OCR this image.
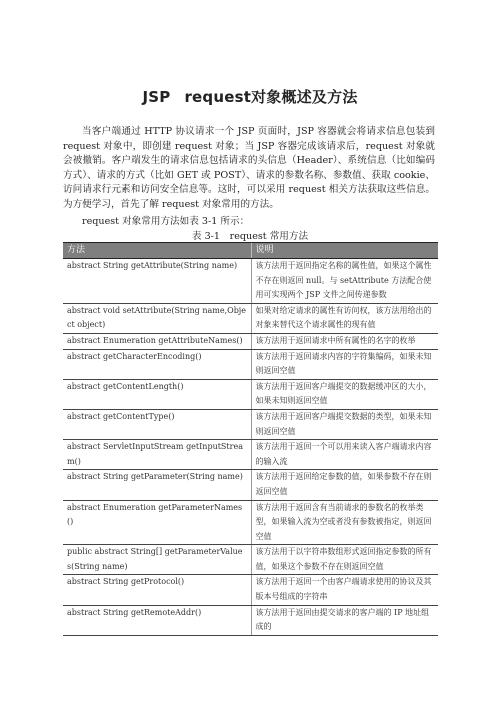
JSP request对象概述及方法

当客户端通过 HTTP 协议请求一个 JSP 页面时，JSP 容器就会将请求信息包装到 request 对象中，即创建 request 对象；当 JSP 容器完成该请求后，request 对象就会被撤销。客户端发生的请求信息包括请求的头信息（Header）、系统信息（比如编码方式）、请求的方式（比如 GET 或 POST）、请求的参数名称、参数值、获取 cookie、访问请求行元素和访问安全信息等。这时，可以采用 request 相关方法获取这些信息。为方便学习，首先了解 request 对象常用的方法。

request 对象常用方法如表 3-1 所示：
表 3-1　request 常用方法
方法	说明
abstract String getAttribute(String name)	该方法用于返回指定名称的属性值，如果这个属性不存在则返回 null。与 setAttribute 方法配合使用可实现两个 JSP 文件之间传递参数
abstract void setAttribute(String name,Object object)	如果对给定请求的属性有访问权，该方法用给出的对象来替代这个请求属性的现有值
abstract Enumeration getAttributeNames()	该方法用于返回请求中所有属性的名字的枚举
abstract getCharacterEncoding()	该方法用于返回请求内容的字符集编码，如果未知则返回空值
abstract getContentLength()	该方法用于返回客户端提交的数据缓冲区的大小，如果未知则返回空值
abstract getContentType()	该方法用于返回客户端提交数据的类型，如果未知则返回空值
abstract ServletInputStream getInputStream()	该方法用于返回一个可以用来读入客户端请求内容的输入流
abstract String getParameter(String name)	该方法用于返回给定参数的值，如果参数不存在则返回空值
abstract Enumeration getParameterNames()	该方法用于返回含有当前请求的参数名的枚举类型，如果输入流为空或者没有参数被指定，则返回空值
public abstract String[] getParameterValues(String name)	该方法用于以字符串数组形式返回指定参数的所有值，如果这个参数不存在则返回空值
abstract String getProtocol()	该方法用于返回一个由客户端请求使用的协议及其版本号组成的字符串
abstract String getRemoteAddr()	该方法用于返回由提交请求的客户端的 IP 地址组成的
